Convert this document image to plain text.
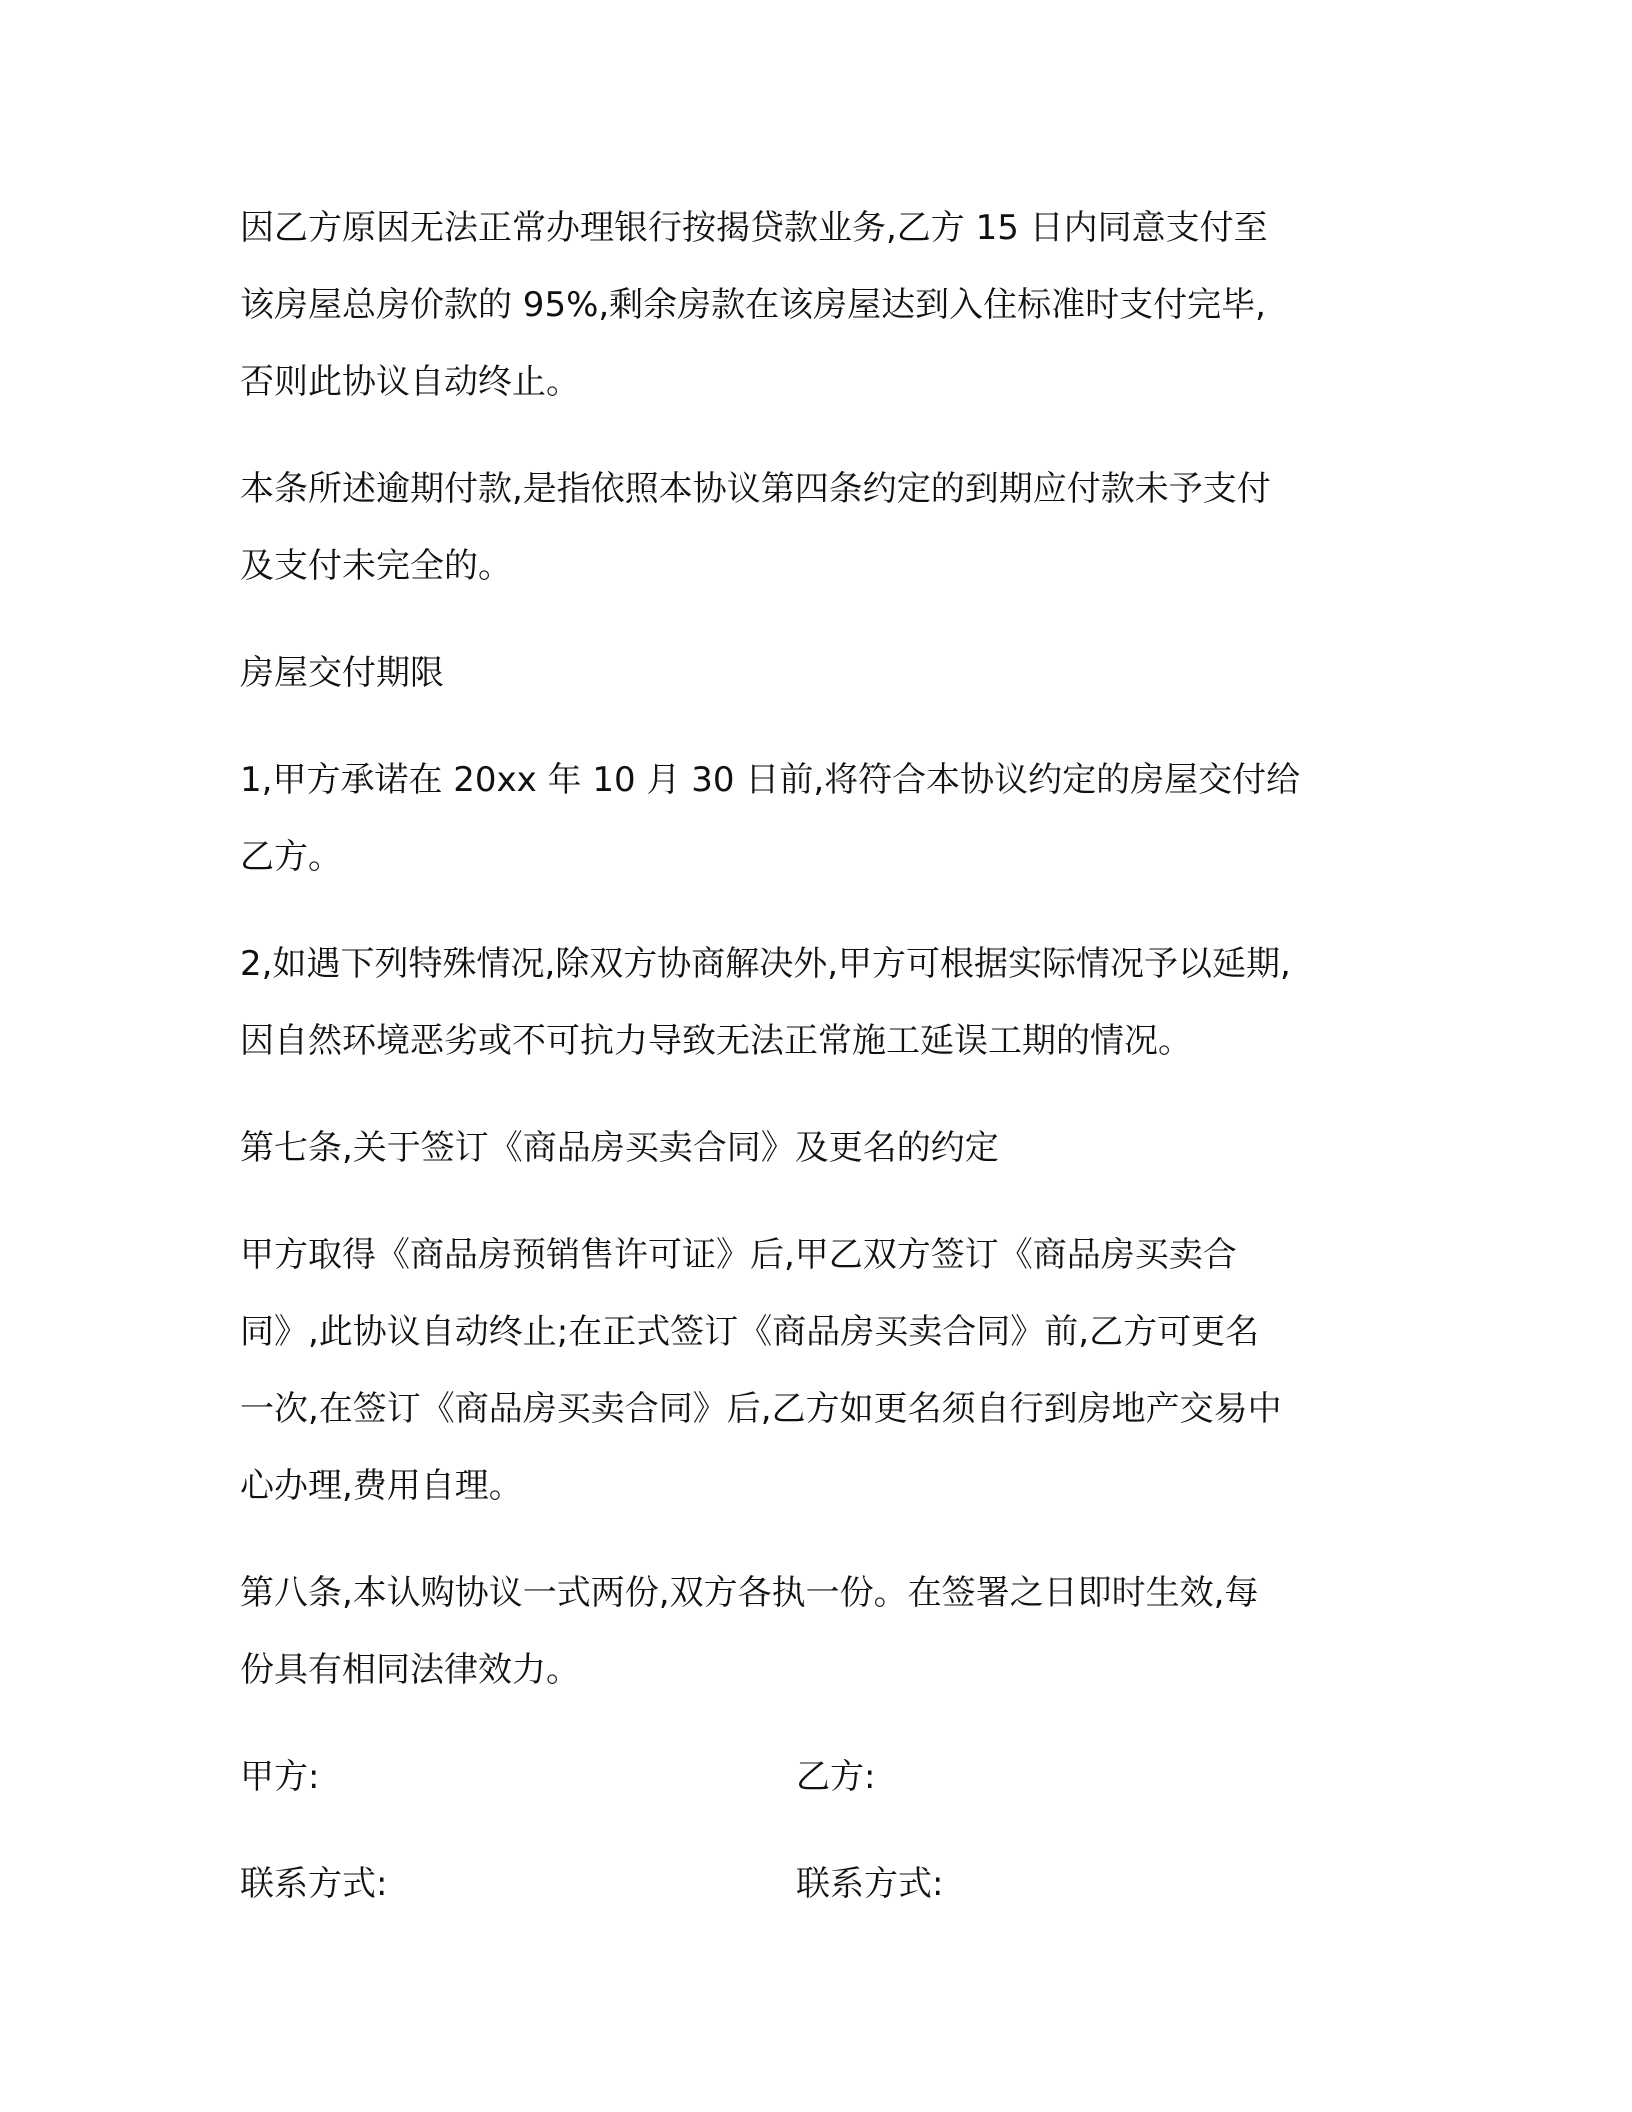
因乙方原因无法正常办理银行按揭贷款业务,乙方 15 日内同意支付至
该房屋总房价款的 95%,剩余房款在该房屋达到入住标准时支付完毕,
否则此协议自动终止。

本条所述逾期付款,是指依照本协议第四条约定的到期应付款未予支付
及支付未完全的。

房屋交付期限

1,甲方承诺在 20xx 年 10 月 30 日前,将符合本协议约定的房屋交付给
乙方。

2,如遇下列特殊情况,除双方协商解决外,甲方可根据实际情况予以延期,
因自然环境恶劣或不可抗力导致无法正常施工延误工期的情况。

第七条,关于签订《商品房买卖合同》及更名的约定

甲方取得《商品房预销售许可证》后,甲乙双方签订《商品房买卖合
同》,此协议自动终止;在正式签订《商品房买卖合同》前,乙方可更名
一次,在签订《商品房买卖合同》后,乙方如更名须自行到房地产交易中
心办理,费用自理。

第八条,本认购协议一式两份,双方各执一份。在签署之日即时生效,每
份具有相同法律效力。

甲方:	乙方:
联系方式:	联系方式:
